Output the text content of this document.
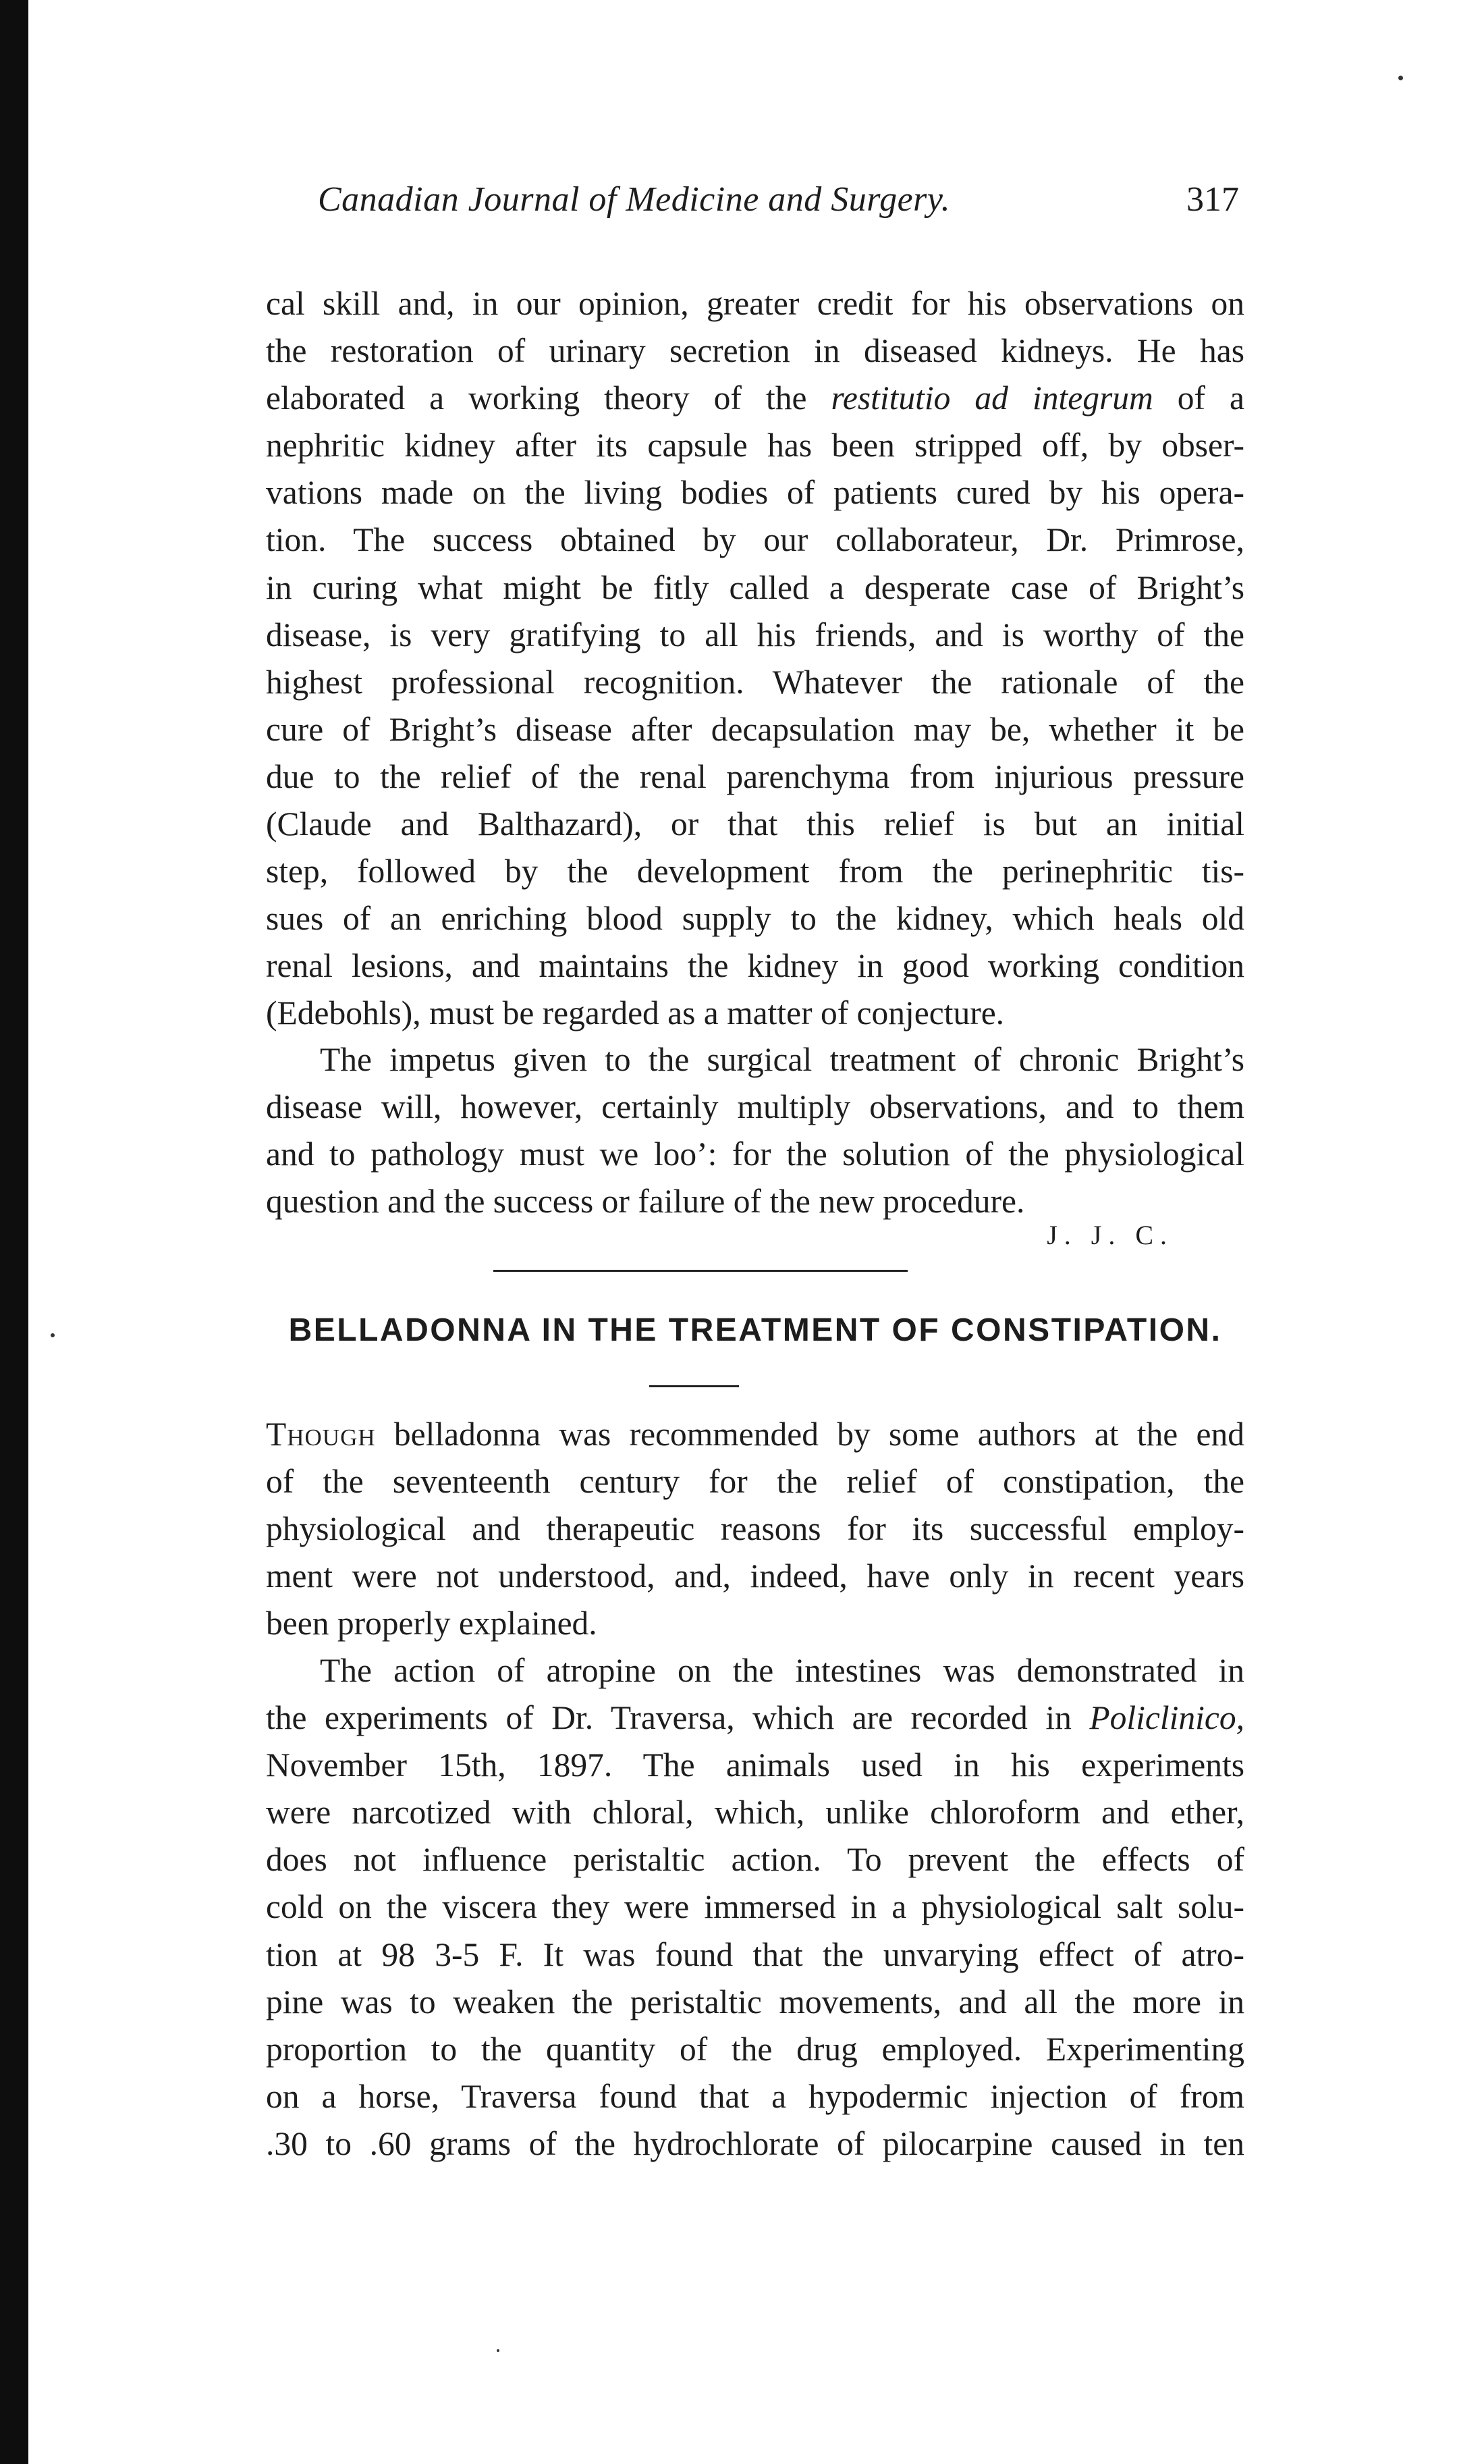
Canadian Journal of Medicine and Surgery.	317
cal skill and, in our opinion, greater credit for his observations on
the restoration of urinary secretion in diseased kidneys. He has
elaborated a working theory of the restitutio ad integrum of a
nephritic kidney after its capsule has been stripped off, by obser-
vations made on the living bodies of patients cured by his opera-
tion. The success obtained by our collaborateur, Dr. Primrose,
in curing what might be fitly called a desperate case of Bright’s
disease, is very gratifying to all his friends, and is worthy of the
highest professional recognition. Whatever the rationale of the
cure of Bright’s disease after decapsulation may be, whether it be
due to the relief of the renal parenchyma from injurious pressure
(Claude and Balthazard), or that this relief is but an initial
step, followed by the development from the perinephritic tis-
sues of an enriching blood supply to the kidney, which heals old
renal lesions, and maintains the kidney in good working condition
(Edebohls), must be regarded as a matter of conjecture.
The impetus given to the surgical treatment of chronic Bright’s
disease will, however, certainly multiply observations, and to them
and to pathology must we loo’: for the solution of the physiological
question and the success or failure of the new procedure.
J. J. C.
BELLADONNA IN THE TREATMENT OF CONSTIPATION.
Though belladonna was recommended by some authors at the end
of the seventeenth century for the relief of constipation, the
physiological and therapeutic reasons for its successful employ-
ment were not understood, and, indeed, have only in recent years
been properly explained.
The action of atropine on the intestines was demonstrated in
the experiments of Dr. Traversa, which are recorded in Policlinico,
November 15th, 1897. The animals used in his experiments
were narcotized with chloral, which, unlike chloroform and ether,
does not influence peristaltic action. To prevent the effects of
cold on the viscera they were immersed in a physiological salt solu-
tion at 98 3-5 F. It was found that the unvarying effect of atro-
pine was to weaken the peristaltic movements, and all the more in
proportion to the quantity of the drug employed. Experimenting
on a horse, Traversa found that a hypodermic injection of from
.30 to .60 grams of the hydrochlorate of pilocarpine caused in ten
